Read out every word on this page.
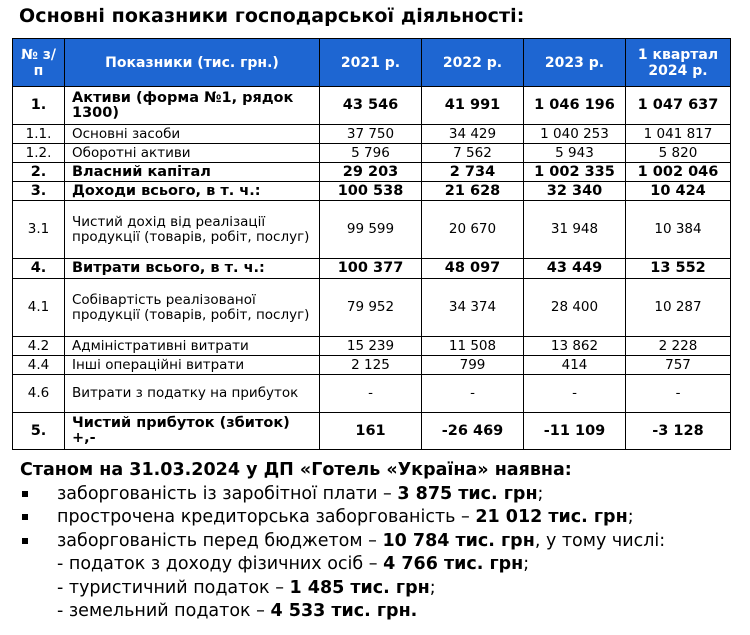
Основні показники господарської діяльності:
№ з/п	Показники (тис. грн.)	2021 р.	2022 р.	2023 р.	1 квартал 2024 р.
1.	Активи (форма №1, рядок 1300)	43 546	41 991	1 046 196	1 047 637
1.1.	Основні засоби	37 750	34 429	1 040 253	1 041 817
1.2.	Оборотні активи	5 796	7 562	5 943	5 820
2.	Власний капітал	29 203	2 734	1 002 335	1 002 046
3.	Доходи всього, в т. ч.:	100 538	21 628	32 340	10 424
3.1	Чистий дохід від реалізації продукції (товарів, робіт, послуг)	99 599	20 670	31 948	10 384
4.	Витрати всього, в т. ч.:	100 377	48 097	43 449	13 552
4.1	Собівартість реалізованої продукції (товарів, робіт, послуг)	79 952	34 374	28 400	10 287
4.2	Адміністративні витрати	15 239	11 508	13 862	2 228
4.4	Інші операційні витрати	2 125	799	414	757
4.6	Витрати з податку на прибуток	-	-	-	-
5.	Чистий прибуток (збиток) +,-	161	-26 469	-11 109	-3 128
Станом на 31.03.2024 у ДП «Готель «Україна» наявна:
заборгованість із заробітної плати – 3 875 тис. грн;
прострочена кредиторська заборгованість – 21 012 тис. грн;
заборгованість перед бюджетом – 10 784 тис. грн, у тому числі:
- податок з доходу фізичних осіб – 4 766 тис. грн;
- туристичний податок – 1 485 тис. грн;
- земельний податок – 4 533 тис. грн.
